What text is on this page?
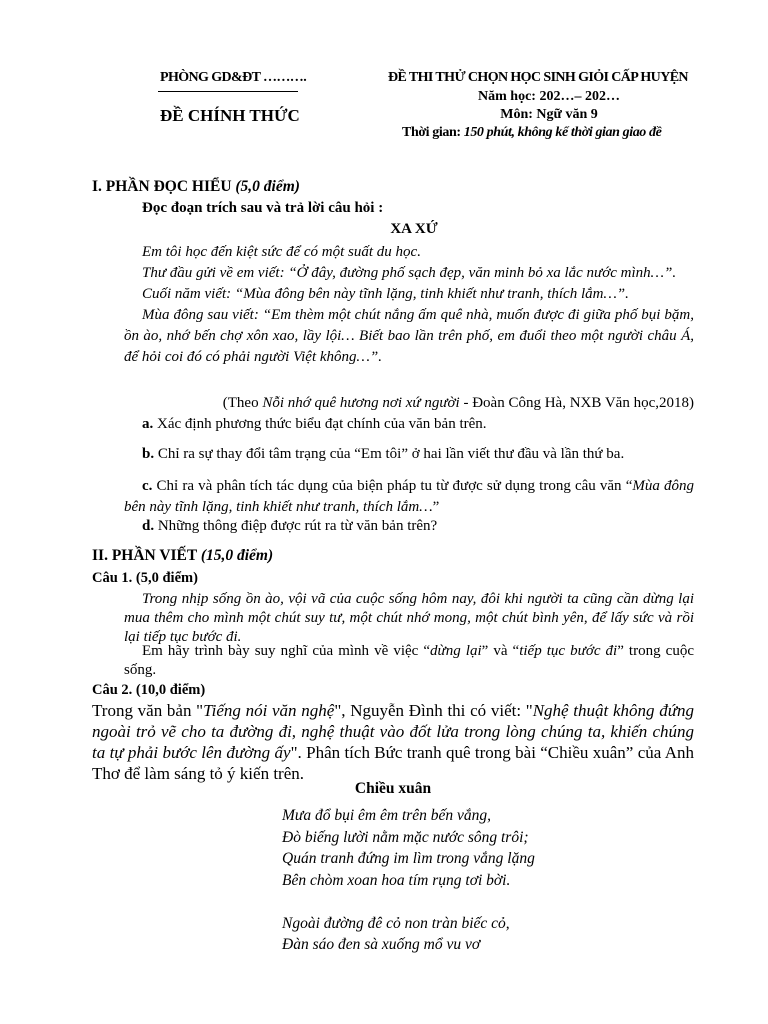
PHÒNG GD&ĐT ……….
ĐỀ CHÍNH THỨC
ĐỀ THI THỬ CHỌN HỌC SINH GIỎI CẤP HUYỆN
Năm học: 202…– 202…
Môn: Ngữ văn 9
Thời gian: 150 phút, không kể thời gian giao đề
I. PHẦN ĐỌC HIỂU (5,0 điểm)
Đọc đoạn trích sau và trả lời câu hỏi :
XA XỨ

Em tôi học đến kiệt sức để có một suất du học.

Thư đầu gửi về em viết: “Ở đây, đường phố sạch đẹp, văn minh bỏ xa lắc nước mình…”.

Cuối năm viết: “Mùa đông bên này tĩnh lặng, tinh khiết như tranh, thích lắm…”.

Mùa đông sau viết: “Em thèm một chút nắng ấm quê nhà, muốn được đi giữa phố bụi bặm, ồn ào, nhớ bến chợ xôn xao, lầy lội… Biết bao lần trên phố, em đuổi theo một người châu Á, để hỏi coi đó có phải người Việt không…”.

(Theo Nỗi nhớ quê hương nơi xứ người - Đoàn Công Hà, NXB Văn học,2018)
a. Xác định phương thức biểu đạt chính của văn bản trên.
b. Chỉ ra sự thay đổi tâm trạng của “Em tôi” ở hai lần viết thư đầu và lần thứ ba.

c. Chỉ ra và phân tích tác dụng của biện pháp tu từ được sử dụng trong câu văn “Mùa đông bên này tĩnh lặng, tinh khiết như tranh, thích lắm…”

d. Những thông điệp được rút ra từ văn bản trên?
II. PHẦN VIẾT (15,0 điểm)
Câu 1. (5,0 điểm)

Trong nhịp sống ồn ào, vội vã của cuộc sống hôm nay, đôi khi người ta cũng cần dừng lại mua thêm cho mình một chút suy tư, một chút nhớ mong, một chút bình yên, để lấy sức và rồi lại tiếp tục bước đi.

Em hãy trình bày suy nghĩ của mình về việc “dừng lại” và “tiếp tục bước đi” trong cuộc sống.

Câu 2. (10,0 điểm)

Trong văn bản "Tiếng nói văn nghệ", Nguyễn Đình thi có viết: "Nghệ thuật không đứng ngoài trỏ vẽ cho ta đường đi, nghệ thuật vào đốt lửa trong lòng chúng ta, khiến chúng ta tự phải bước lên đường ấy". Phân tích Bức tranh quê trong bài “Chiều xuân” của Anh Thơ để làm sáng tỏ ý kiến trên.

Chiều xuân
Mưa đổ bụi êm êm trên bến vắng,
Đò biếng lười nằm mặc nước sông trôi;
Quán tranh đứng im lìm trong vắng lặng
Bên chòm xoan hoa tím rụng tơi bời.
Ngoài đường đê cỏ non tràn biếc cỏ,
Đàn sáo đen sà xuống mổ vu vơ
